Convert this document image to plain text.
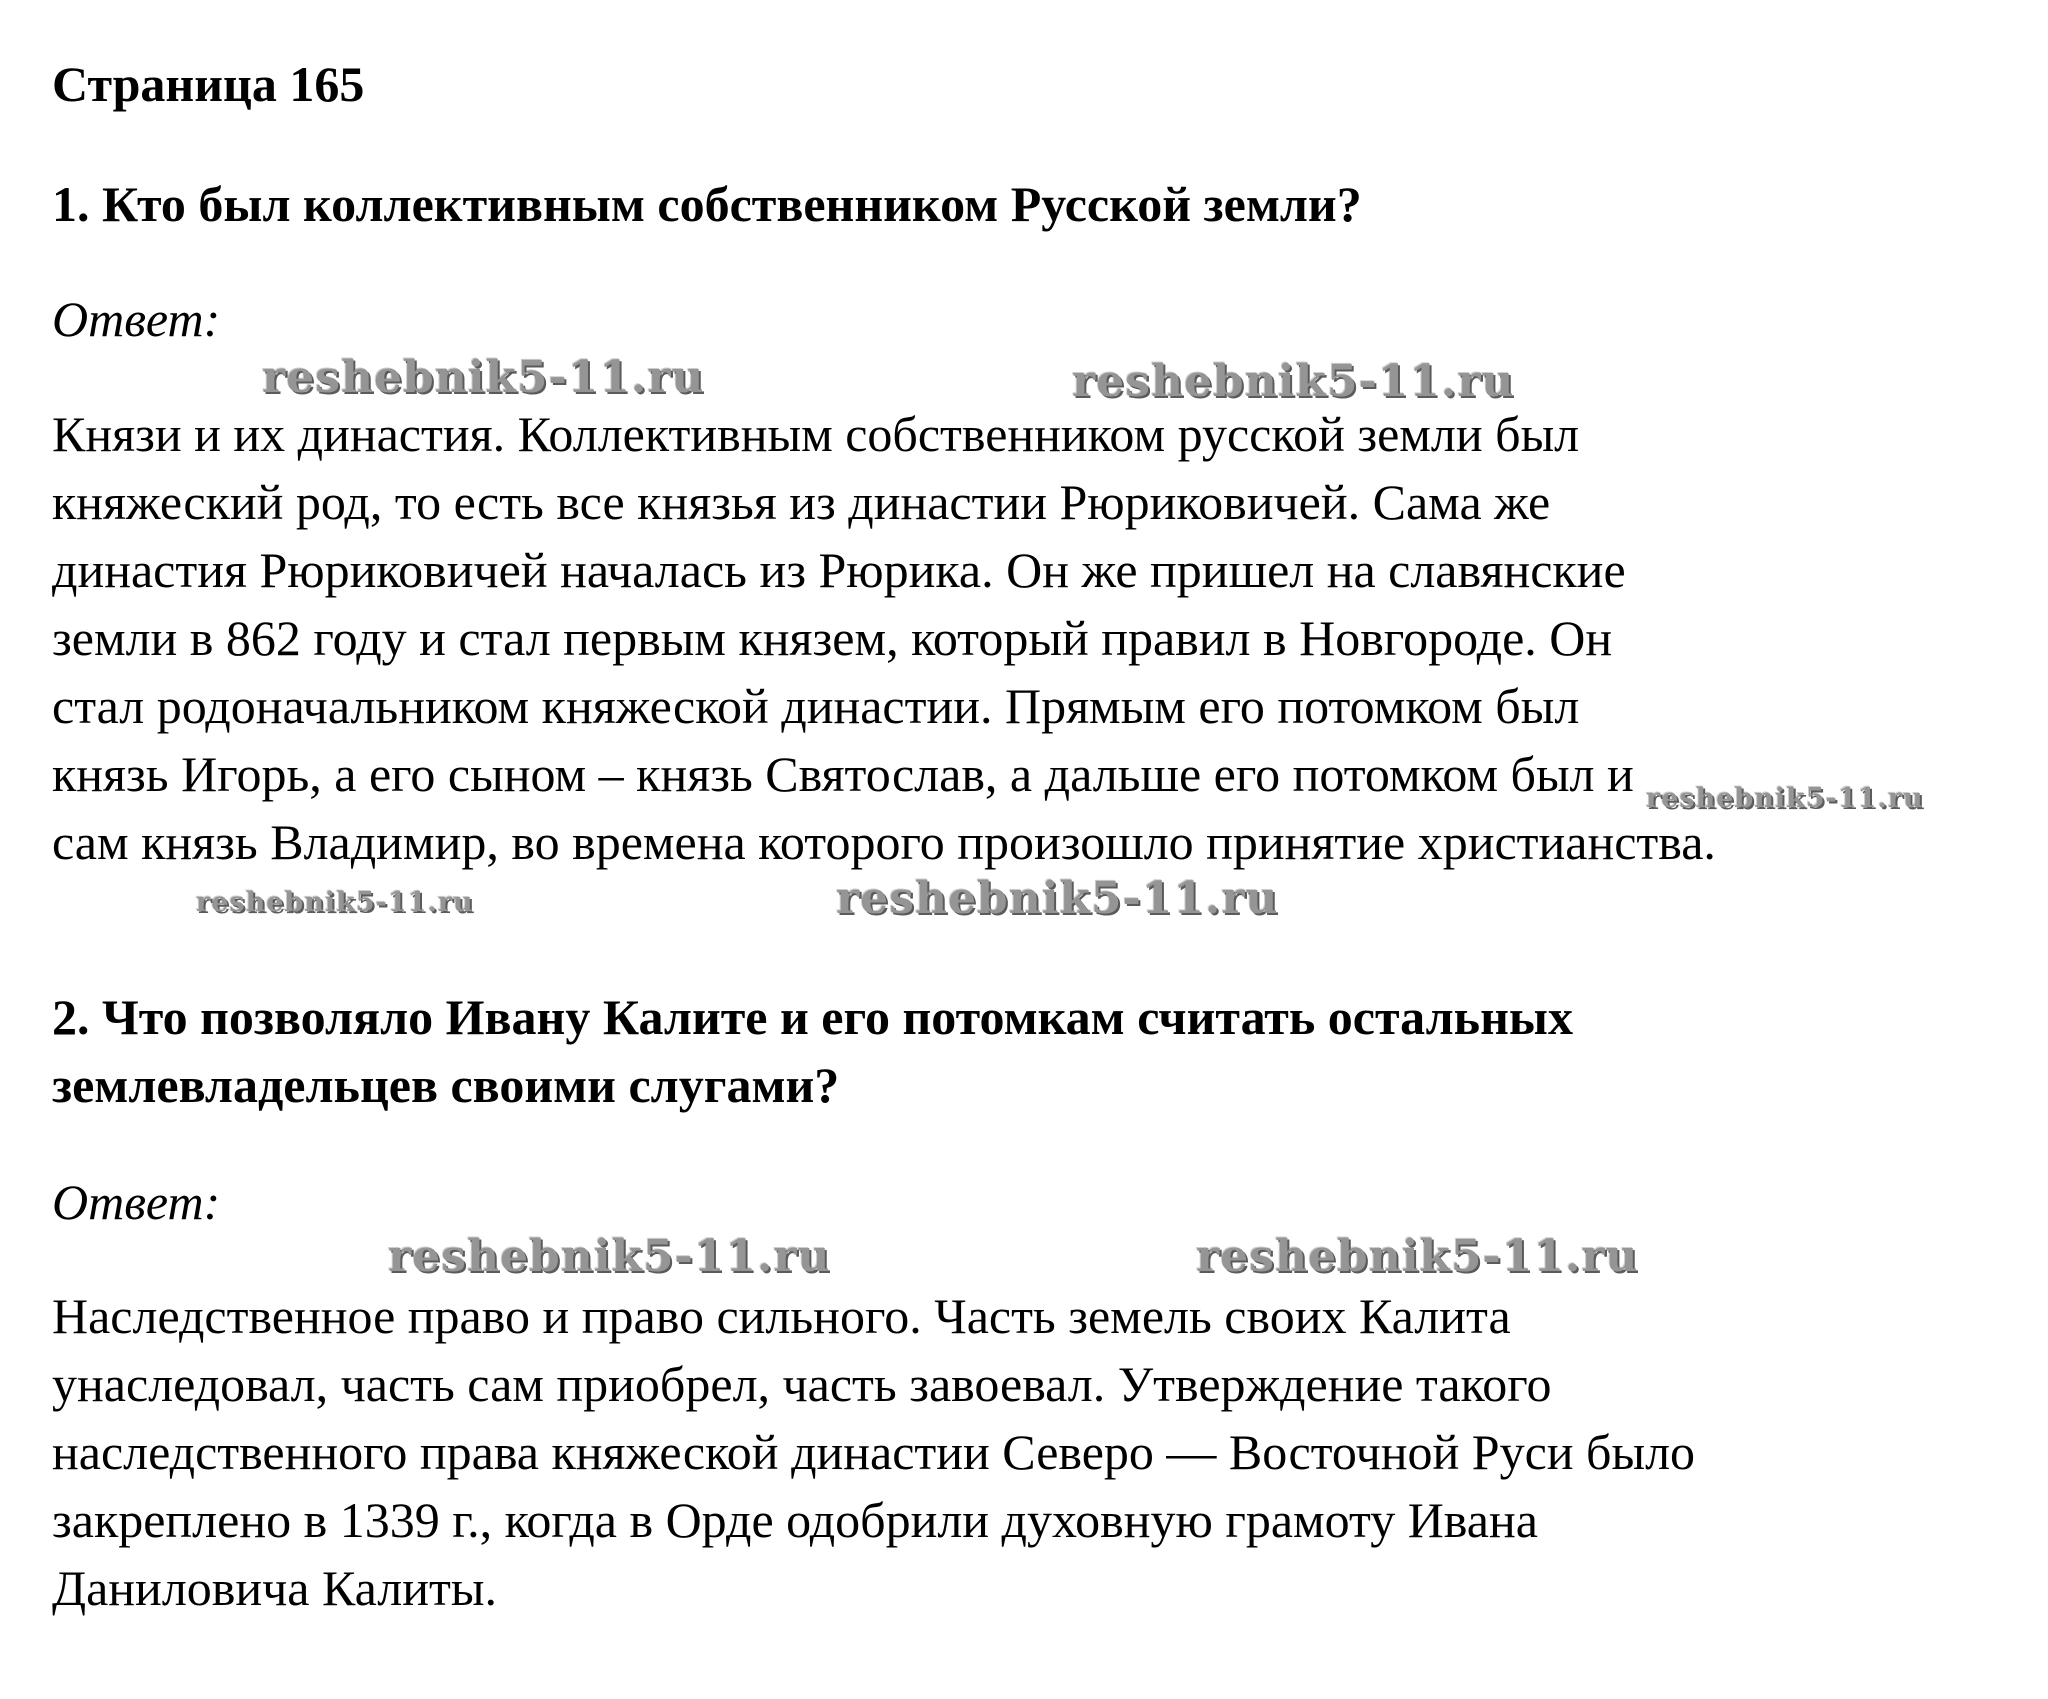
Страница 165
1. Кто был коллективным собственником Русской земли?
Ответ:
reshebnik5-11.ru	reshebnik5-11.ru
Князи и их династия. Коллективным собственником русской земли был
княжеский род, то есть все князья из династии Рюриковичей. Сама же
династия Рюриковичей началась из Рюрика. Он же пришел на славянские
земли в 862 году и стал первым князем, который правил в Новгороде. Он
стал родоначальником княжеской династии. Прямым его потомком был
князь Игорь, а его сыном – князь Святослав, а дальше его потомком был и
сам князь Владимир, во времена которого произошло принятие христианства.
reshebnik5-11.ru
reshebnik5-11.ru	reshebnik5-11.ru
2. Что позволяло Ивану Калите и его потомкам считать остальных
землевладельцев своими слугами?
Ответ:
reshebnik5-11.ru	reshebnik5-11.ru
Наследственное право и право сильного. Часть земель своих Калита
унаследовал, часть сам приобрел, часть завоевал. Утверждение такого
наследственного права княжеской династии Северо — Восточной Руси было
закреплено в 1339 г., когда в Орде одобрили духовную грамоту Ивана
Даниловича Калиты.
